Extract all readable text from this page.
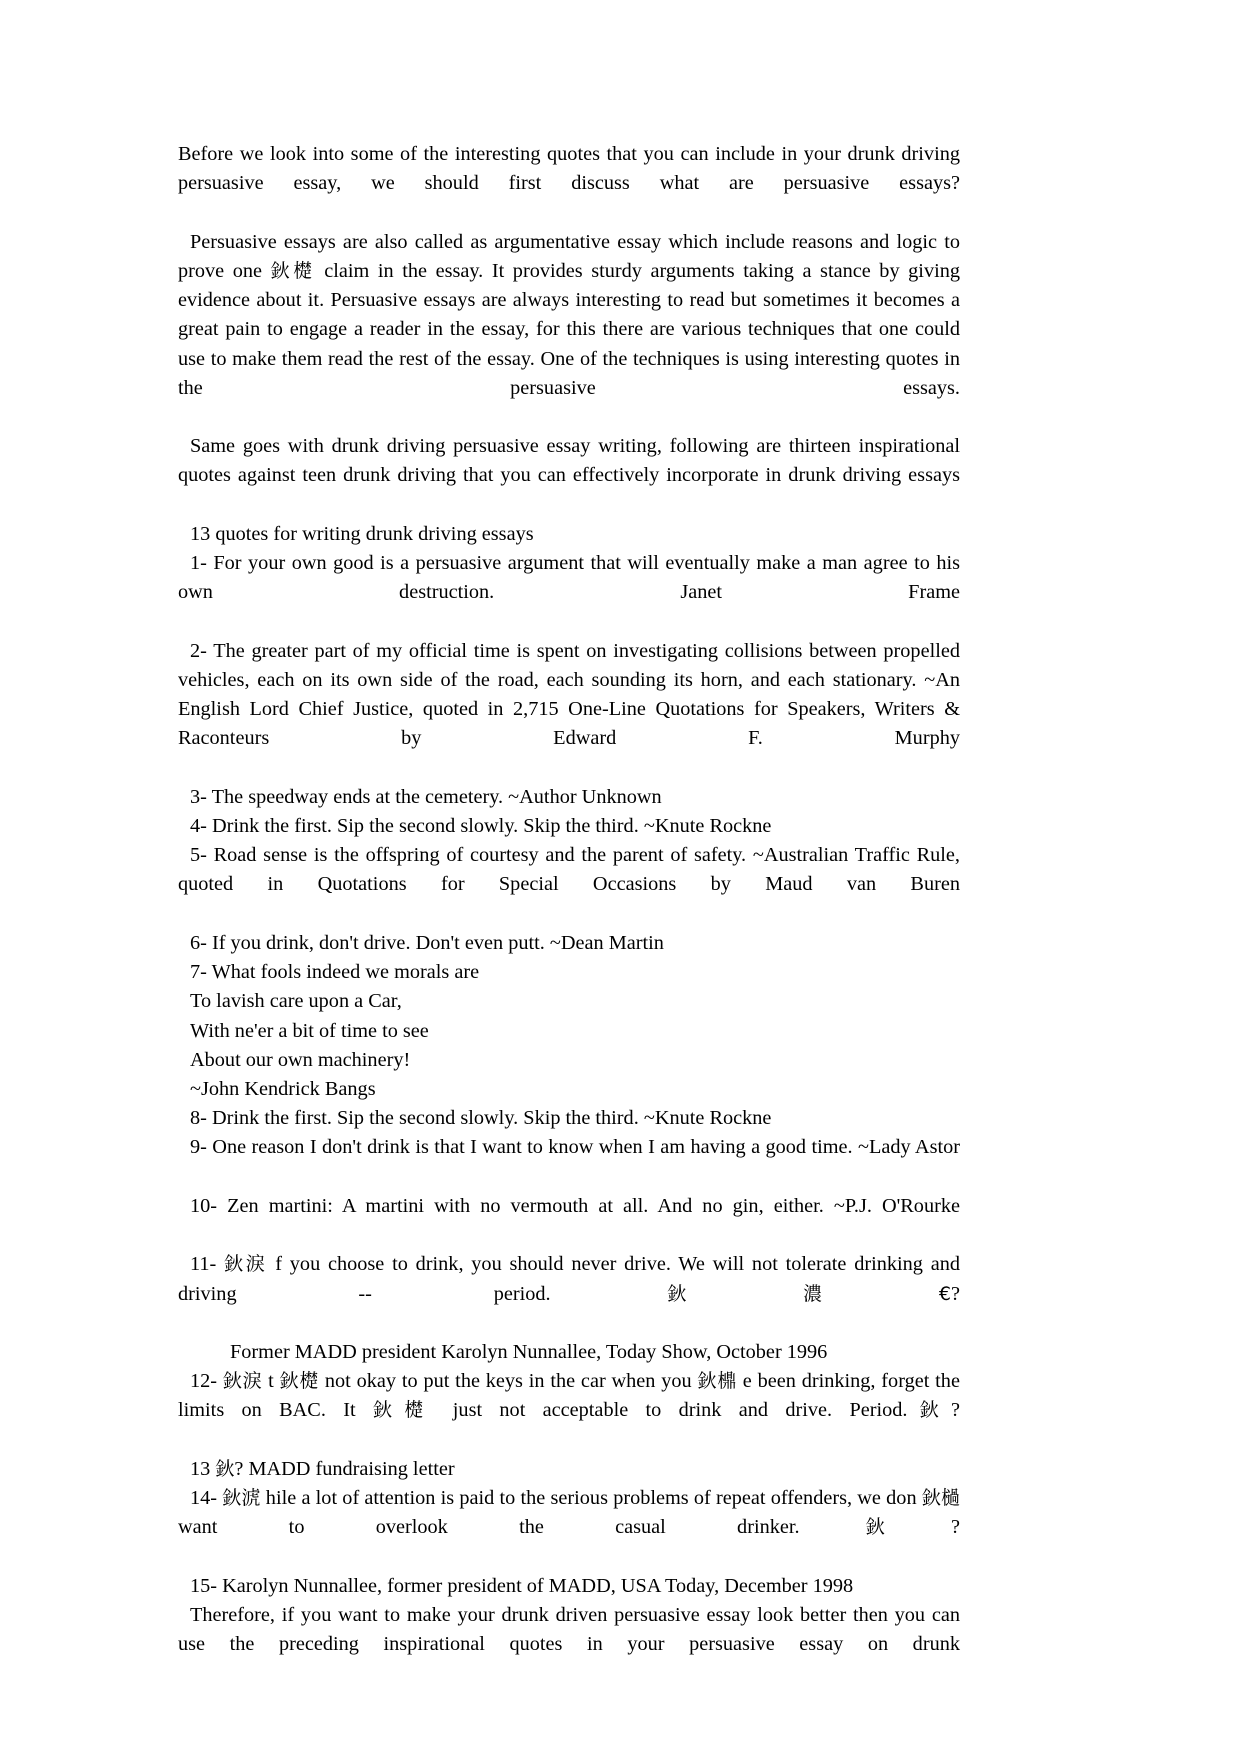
Before we look into some of the interesting quotes that you can include in your drunk driving persuasive essay, we should first discuss what are persuasive essays?

Persuasive essays are also called as argumentative essay which include reasons and logic to prove one 鈥檚 claim in the essay. It provides sturdy arguments taking a stance by giving evidence about it. Persuasive essays are always interesting to read but sometimes it becomes a great pain to engage a reader in the essay, for this there are various techniques that one could use to make them read the rest of the essay. One of the techniques is using interesting quotes in the persuasive essays.

Same goes with drunk driving persuasive essay writing, following are thirteen inspirational quotes against teen drunk driving that you can effectively incorporate in drunk driving essays

13 quotes for writing drunk driving essays

1- For your own good is a persuasive argument that will eventually make a man agree to his own destruction. Janet Frame

2- The greater part of my official time is spent on investigating collisions between propelled vehicles, each on its own side of the road, each sounding its horn, and each stationary. ~An English Lord Chief Justice, quoted in 2,715 One-Line Quotations for Speakers, Writers & Raconteurs by Edward F. Murphy

3- The speedway ends at the cemetery. ~Author Unknown

4- Drink the first. Sip the second slowly. Skip the third. ~Knute Rockne

5- Road sense is the offspring of courtesy and the parent of safety. ~Australian Traffic Rule, quoted in Quotations for Special Occasions by Maud van Buren

6- If you drink, don't drive. Don't even putt. ~Dean Martin

7- What fools indeed we morals are

To lavish care upon a Car,

With ne'er a bit of time to see

About our own machinery!

~John Kendrick Bangs

8- Drink the first. Sip the second slowly. Skip the third. ~Knute Rockne

9- One reason I don't drink is that I want to know when I am having a good time. ~Lady Astor

10- Zen martini: A martini with no vermouth at all. And no gin, either. ~P.J. O'Rourke

11- 鈥淚 f you choose to drink, you should never drive. We will not tolerate drinking and driving -- period.鈥濃€?

Former MADD president Karolyn Nunnallee, Today Show, October 1996

12- 鈥淚 t 鈥檚 not okay to put the keys in the car when you 鈥檙 e been drinking, forget the limits on BAC. It 鈥檚 just not acceptable to drink and drive. Period.鈥?

13 鈥? MADD fundraising letter

14- 鈥淲 hile a lot of attention is paid to the serious problems of repeat offenders, we don 鈥檛 want to overlook the casual drinker.鈥?

15- Karolyn Nunnallee, former president of MADD, USA Today, December 1998

Therefore, if you want to make your drunk driven persuasive essay look better then you can use the preceding inspirational quotes in your persuasive essay on drunk
